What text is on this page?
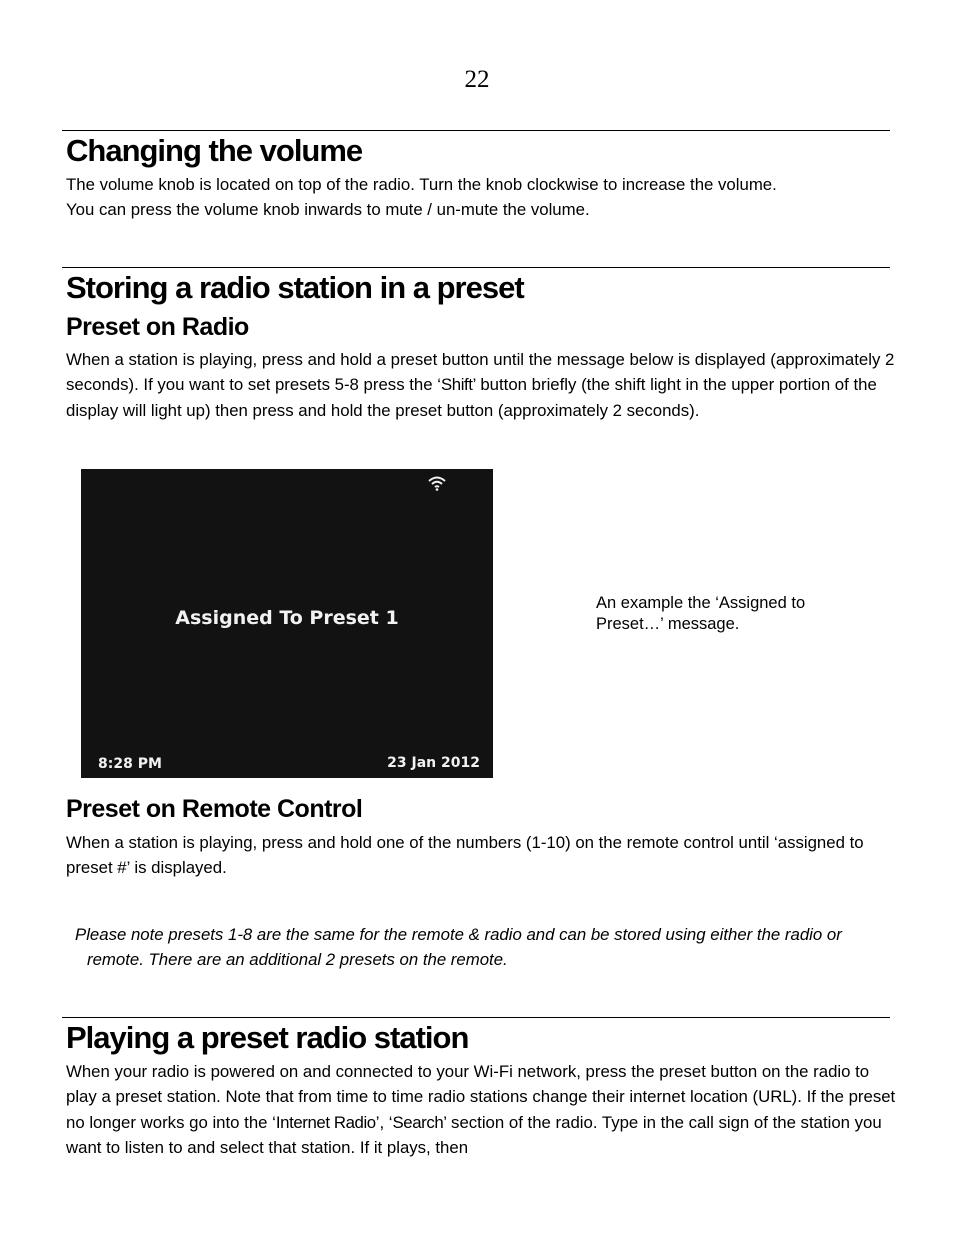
22
Changing the volume

The volume knob is located on top of the radio. Turn the knob clockwise to increase the volume.
You can press the volume knob inwards to mute / un-mute the volume.

Storing a radio station in a preset
Preset on Radio

When a station is playing, press and hold a preset button until the message below is displayed (approximately 2 seconds). If you want to set presets 5-8 press the ‘Shift’ button briefly (the shift light in the upper portion of the display will light up) then press and hold the preset button (approximately 2 seconds).

Assigned To Preset 1
8:28 PM	23 Jan 2012

An example the ‘Assigned to Preset…’ message.

Preset on Remote Control

When a station is playing, press and hold one of the numbers (1-10) on the remote control until ‘assigned to preset #’ is displayed.

Please note presets 1-8 are the same for the remote & radio and can be stored using either the radio or remote. There are an additional 2 presets on the remote.

Playing a preset radio station

When your radio is powered on and connected to your Wi-Fi network, press the preset button on the radio to play a preset station. Note that from time to time radio stations change their internet location (URL). If the preset no longer works go into the ‘Internet Radio’, ‘Search’ section of the radio. Type in the call sign of the station you want to listen to and select that station. If it plays, then
